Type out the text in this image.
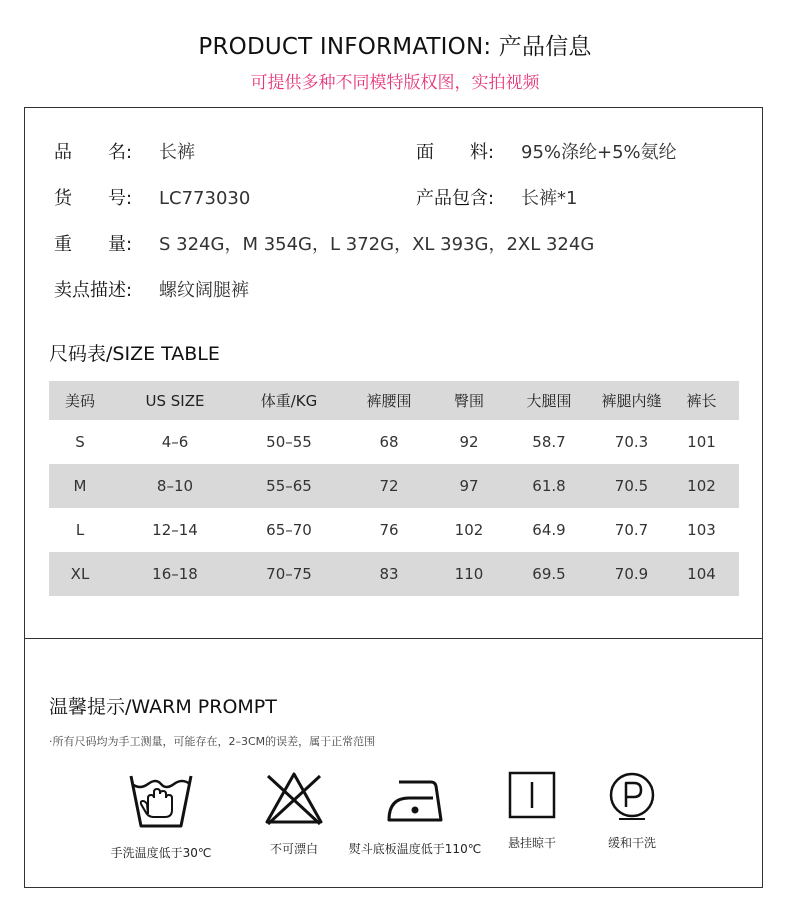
PRODUCT INFORMATION: 产品信息
可提供多种不同模特版权图，实拍视频
品　　名: 长裤	面　　料: 95%涤纶+5%氨纶
货　　号: LC773030	产品包含: 长裤*1
重　　量: S 324G，M 354G，L 372G，XL 393G，2XL 324G
卖点描述: 螺纹阔腿裤
尺码表/SIZE TABLE
美码	US SIZE	体重/KG	裤腰围	臀围	大腿围	裤腿内缝	裤长
S	4–6	50–55	68	92	58.7	70.3	101
M	8–10	55–65	72	97	61.8	70.5	102
L	12–14	65–70	76	102	64.9	70.7	103
XL	16–18	70–75	83	110	69.5	70.9	104
温馨提示/WARM PROMPT
·所有尺码均为手工测量，可能存在，2–3CM的误差，属于正常范围
手洗温度低于30℃	不可漂白	熨斗底板温度低于110℃	悬挂晾干	缓和干洗
